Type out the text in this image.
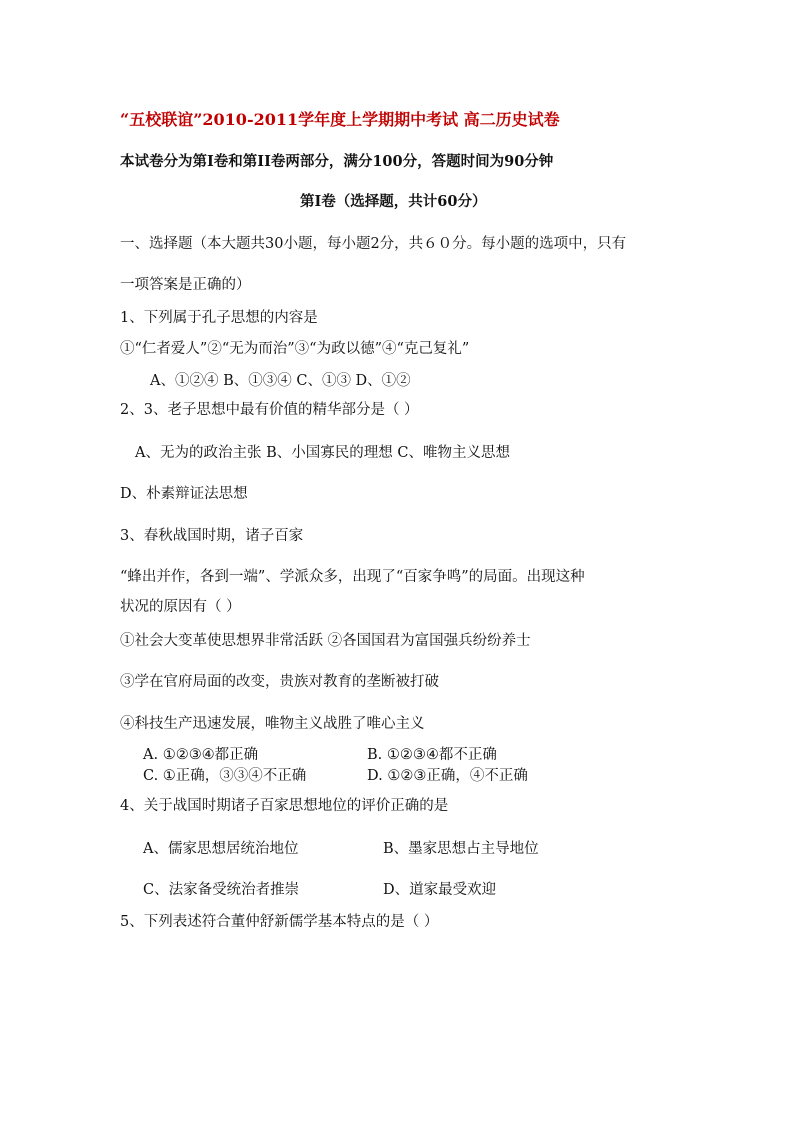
“五校联谊”2010-2011学年度上学期期中考试 高二历史试卷
本试卷分为第I卷和第II卷两部分，满分100分，答题时间为90分钟
第I卷（选择题，共计60分）
一、选择题（本大题共30小题，每小题2分，共６０分。每小题的选项中，只有
一项答案是正确的）
1、下列属于孔子思想的内容是
①“仁者爱人”②“无为而治”③“为政以德”④“克己复礼”
A、①②④ B、①③④ C、①③ D、①②
2、3、老子思想中最有价值的精华部分是（ ）
A、无为的政治主张 B、小国寡民的理想 C、唯物主义思想
D、朴素辩证法思想
3、春秋战国时期，诸子百家
“蜂出并作，各到一端”、学派众多，出现了“百家争鸣”的局面。出现这种
状况的原因有（ ）
①社会大变革使思想界非常活跃 ②各国国君为富国强兵纷纷养士
③学在官府局面的改变，贵族对教育的垄断被打破
④科技生产迅速发展，唯物主义战胜了唯心主义
A. ①②③④都正确	B. ①②③④都不正确
C. ①正确，③③④不正确	D. ①②③正确，④不正确
4、关于战国时期诸子百家思想地位的评价正确的是
A、儒家思想居统治地位	B、墨家思想占主导地位
C、法家备受统治者推崇	D、道家最受欢迎
5、下列表述符合董仲舒新儒学基本特点的是（ ）
